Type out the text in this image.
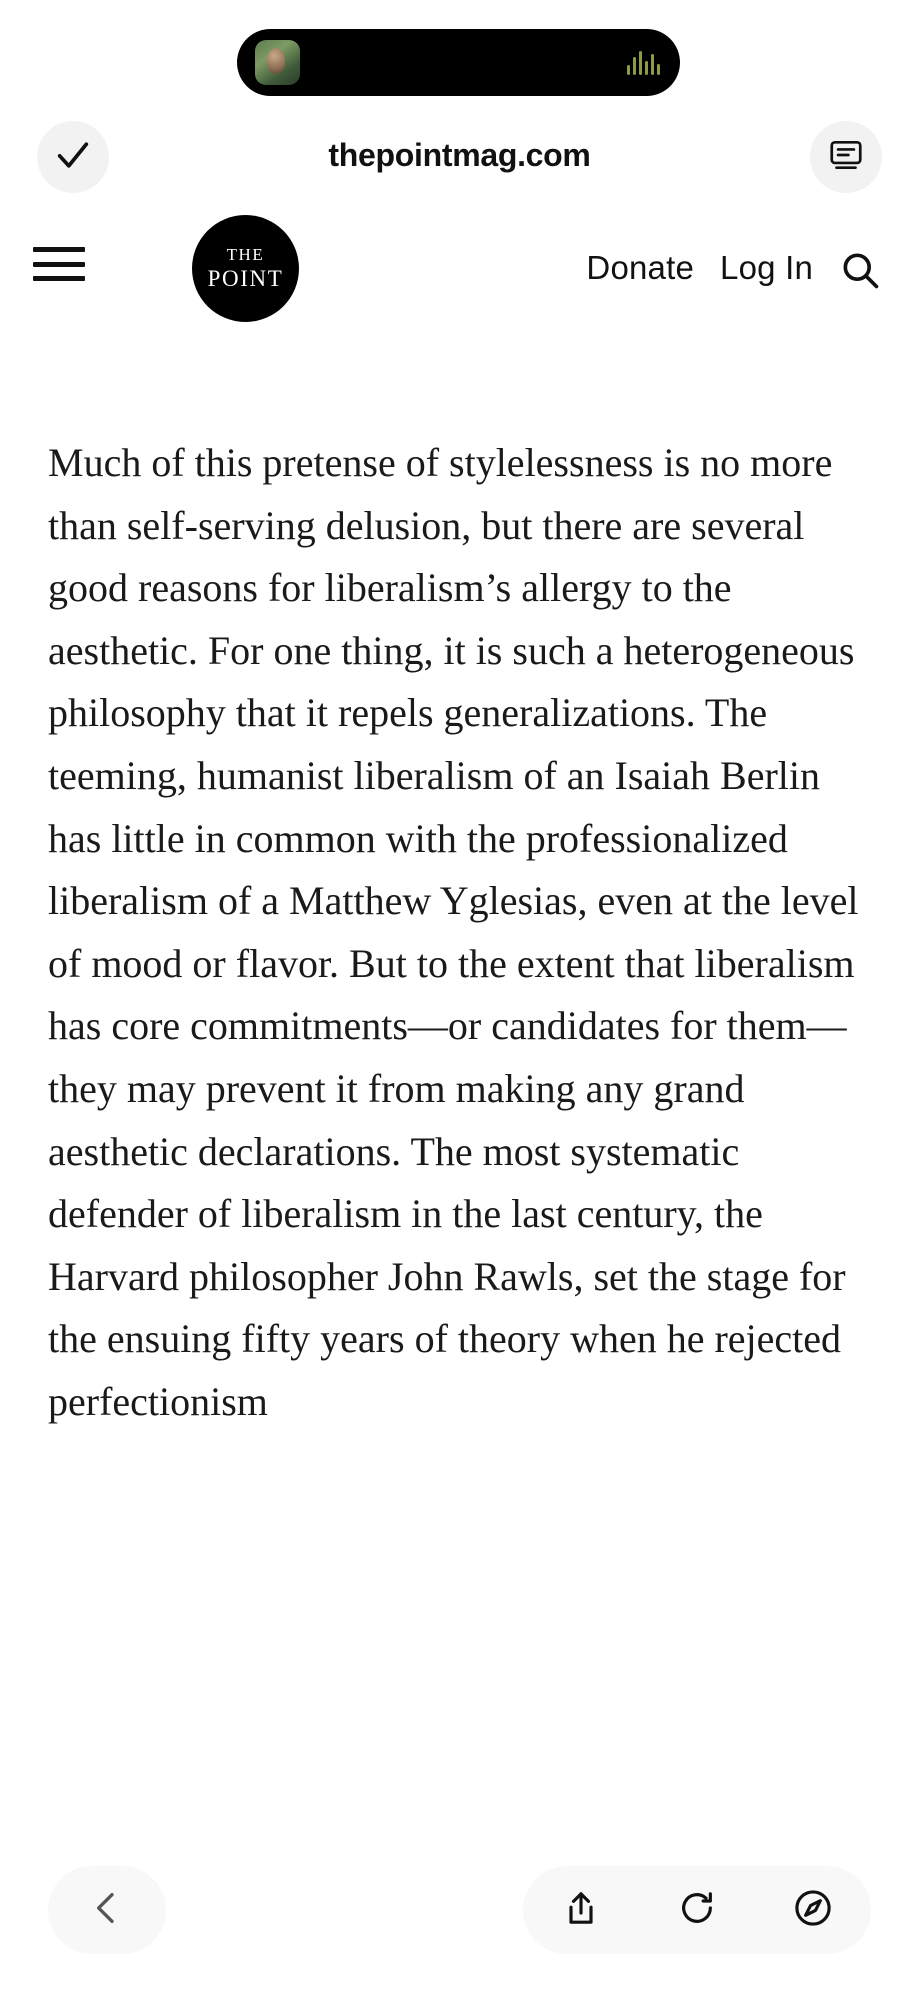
thepointmag.com
THE
POINT	Donate Log In

Much of this pretense of stylelessness is no more than self-serving delusion, but there are several good reasons for liberalism’s allergy to the aesthetic. For one thing, it is such a heterogeneous philosophy that it repels generalizations. The teeming, humanist liberalism of an Isaiah Berlin has little in common with the professionalized liberalism of a Matthew Yglesias, even at the level of mood or flavor. But to the extent that liberalism has core commitments—or candidates for them—they may prevent it from making any grand aesthetic declarations. The most systematic defender of liberalism in the last century, the Harvard philosopher John Rawls, set the stage for the ensuing fifty years of theory when he rejected perfectionism
